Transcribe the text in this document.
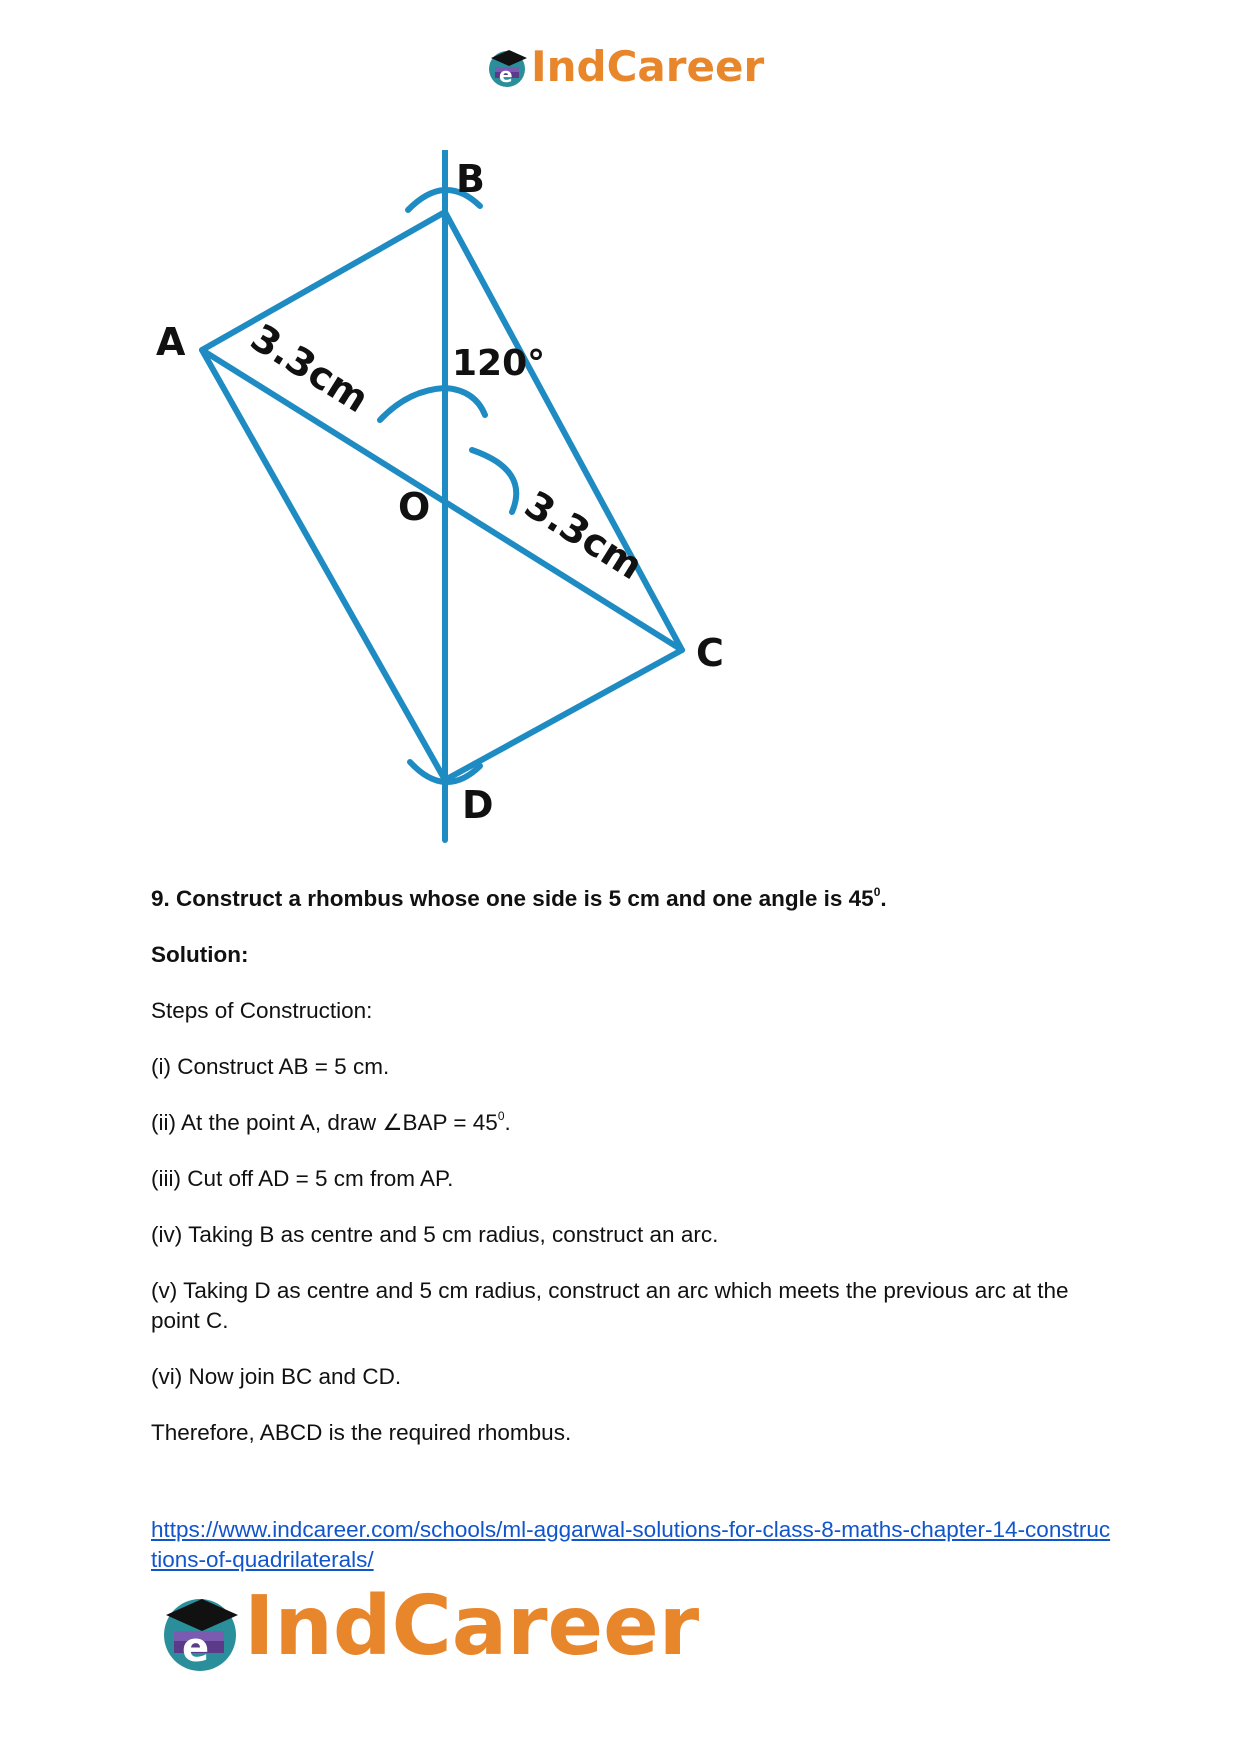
e IndCareer
B
A
O
C
D
120°
3.3cm
3.3cm

9. Construct a rhombus whose one side is 5 cm and one angle is $45^0$.

Solution:

Steps of Construction:

(i) Construct AB = 5 cm.

(ii) At the point A, draw ∠BAP = $45^0$.

(iii) Cut off AD = 5 cm from AP.

(iv) Taking B as centre and 5 cm radius, construct an arc.

(v) Taking D as centre and 5 cm radius, construct an arc which meets the previous arc at the point C.

(vi) Now join BC and CD.

Therefore, ABCD is the required rhombus.

https://www.indcareer.com/schools/ml-aggarwal-solutions-for-class-8-maths-chapter-14-constructions-of-quadrilaterals/
e IndCareer
